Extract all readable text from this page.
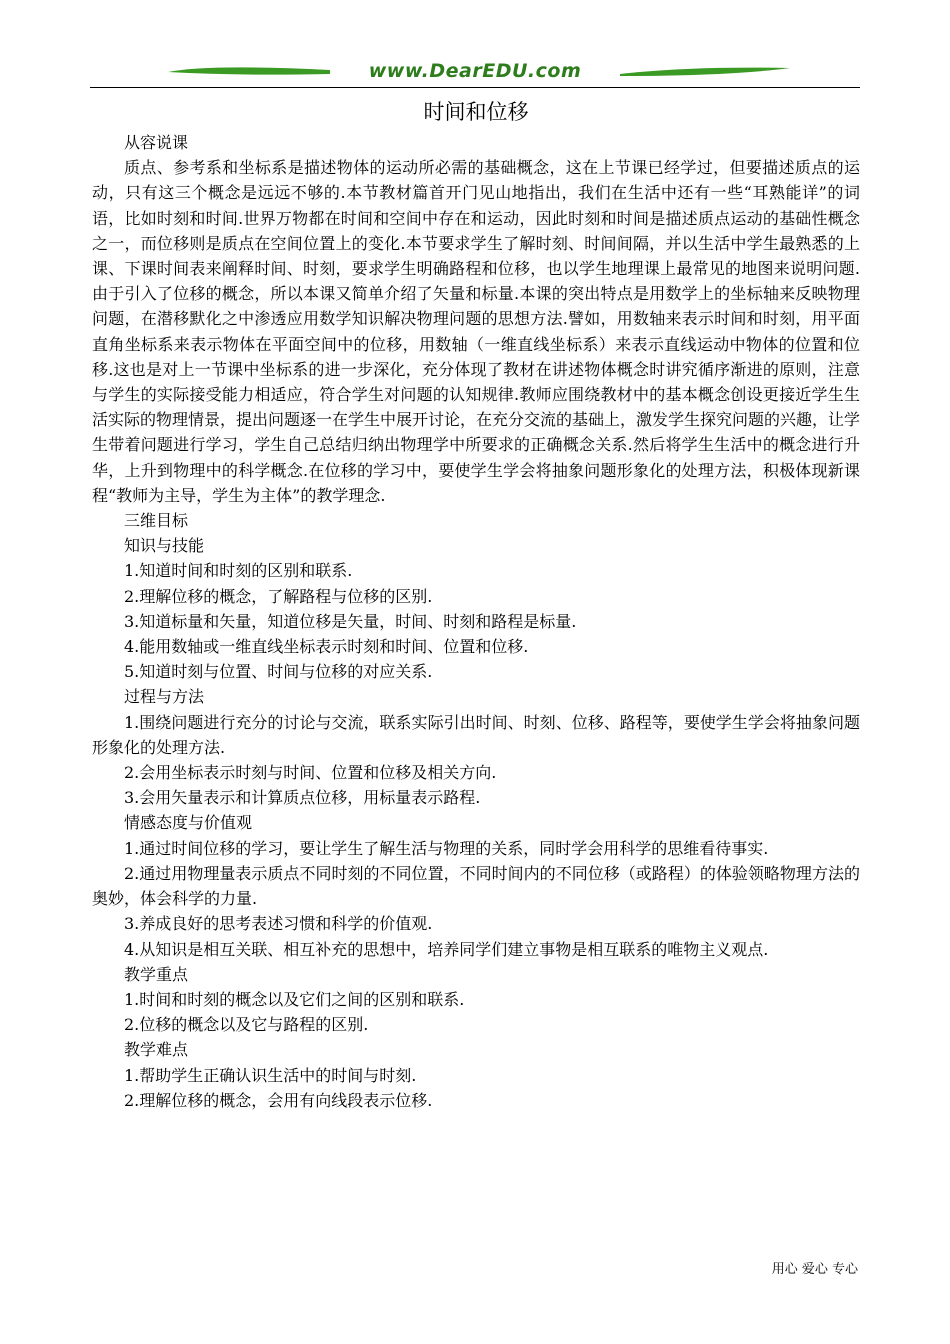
www.DearEDU.com
时间和位移
从容说课
质点、参考系和坐标系是描述物体的运动所必需的基础概念，这在上节课已经学过，但要描述质点的运动，只有这三个概念是远远不够的.本节教材篇首开门见山地指出，我们在生活中还有一些“耳熟能详”的词语，比如时刻和时间.世界万物都在时间和空间中存在和运动，因此时刻和时间是描述质点运动的基础性概念之一，而位移则是质点在空间位置上的变化.本节要求学生了解时刻、时间间隔，并以生活中学生最熟悉的上课、下课时间表来阐释时间、时刻，要求学生明确路程和位移，也以学生地理课上最常见的地图来说明问题.由于引入了位移的概念，所以本课又简单介绍了矢量和标量.本课的突出特点是用数学上的坐标轴来反映物理问题，在潜移默化之中渗透应用数学知识解决物理问题的思想方法.譬如，用数轴来表示时间和时刻，用平面直角坐标系来表示物体在平面空间中的位移，用数轴（一维直线坐标系）来表示直线运动中物体的位置和位移.这也是对上一节课中坐标系的进一步深化，充分体现了教材在讲述物体概念时讲究循序渐进的原则，注意与学生的实际接受能力相适应，符合学生对问题的认知规律.教师应围绕教材中的基本概念创设更接近学生生活实际的物理情景，提出问题逐一在学生中展开讨论，在充分交流的基础上，激发学生探究问题的兴趣，让学生带着问题进行学习，学生自己总结归纳出物理学中所要求的正确概念关系.然后将学生生活中的概念进行升华，上升到物理中的科学概念.在位移的学习中，要使学生学会将抽象问题形象化的处理方法，积极体现新课程“教师为主导，学生为主体”的教学理念.
三维目标
知识与技能
1.知道时间和时刻的区别和联系.
2.理解位移的概念，了解路程与位移的区别.
3.知道标量和矢量，知道位移是矢量，时间、时刻和路程是标量.
4.能用数轴或一维直线坐标表示时刻和时间、位置和位移.
5.知道时刻与位置、时间与位移的对应关系.
过程与方法
1.围绕问题进行充分的讨论与交流，联系实际引出时间、时刻、位移、路程等，要使学生学会将抽象问题形象化的处理方法.
2.会用坐标表示时刻与时间、位置和位移及相关方向.
3.会用矢量表示和计算质点位移，用标量表示路程.
情感态度与价值观
1.通过时间位移的学习，要让学生了解生活与物理的关系，同时学会用科学的思维看待事实.
2.通过用物理量表示质点不同时刻的不同位置，不同时间内的不同位移（或路程）的体验领略物理方法的奥妙，体会科学的力量.
3.养成良好的思考表述习惯和科学的价值观.
4.从知识是相互关联、相互补充的思想中，培养同学们建立事物是相互联系的唯物主义观点.
教学重点
1.时间和时刻的概念以及它们之间的区别和联系.
2.位移的概念以及它与路程的区别.
教学难点
1.帮助学生正确认识生活中的时间与时刻.
2.理解位移的概念，会用有向线段表示位移.
用心 爱心 专心
